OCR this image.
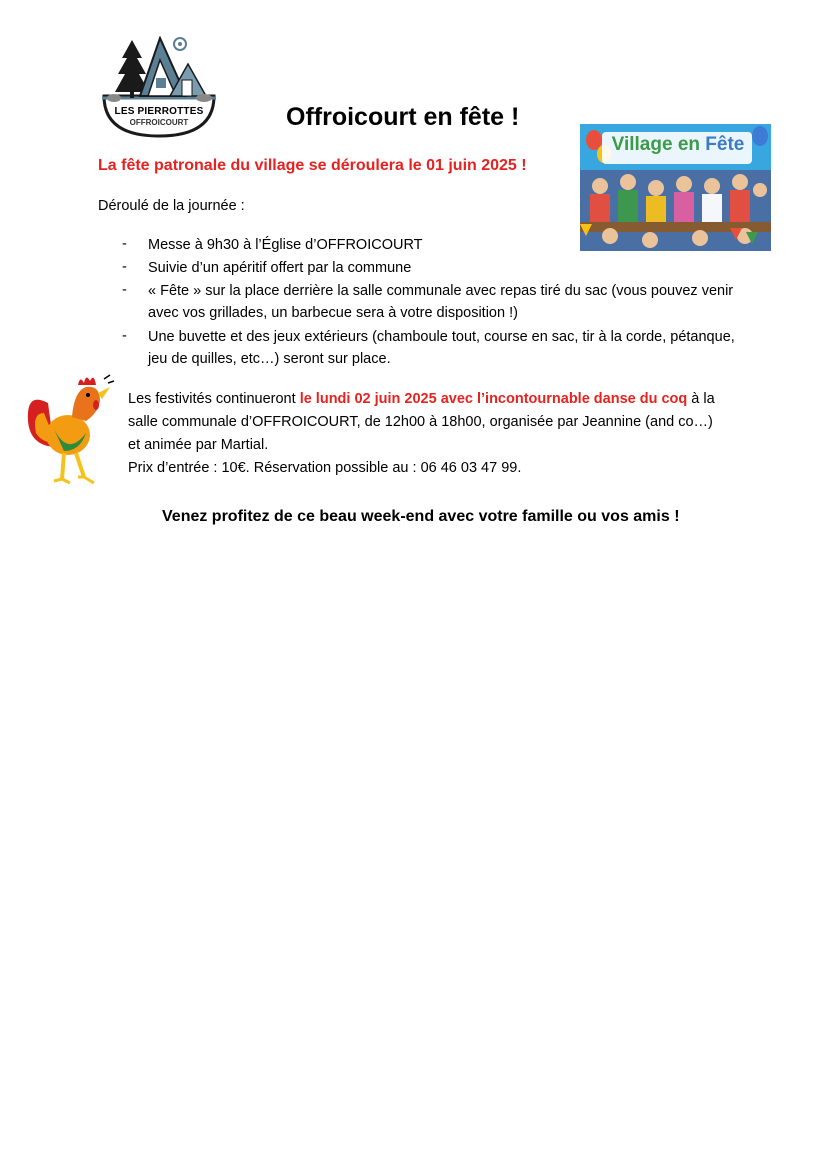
LES PIERROTTES
OFFROICOURT	Offroicourt en fête !
Village en Fête
La fête patronale du village se déroulera le 01 juin 2025 !
Déroulé de la journée :
- Messe à 9h30 à l’Église d’OFFROICOURT
- Suivie d’un apéritif offert par la commune
- « Fête » sur la place derrière la salle communale avec repas tiré du sac (vous pouvez venir avec vos grillades, un barbecue sera à votre disposition !)
- Une buvette et des jeux extérieurs (chamboule tout, course en sac, tir à la corde, pétanque, jeu de quilles, etc…) seront sur place.
Les festivités continueront le lundi 02 juin 2025 avec l’incontournable danse du coq à la
salle communale d’OFFROICOURT, de 12h00 à 18h00, organisée par Jeannine (and co…)
et animée par Martial.
Prix d’entrée : 10€. Réservation possible au : 06 46 03 47 99.
Venez profitez de ce beau week-end avec votre famille ou vos amis !
